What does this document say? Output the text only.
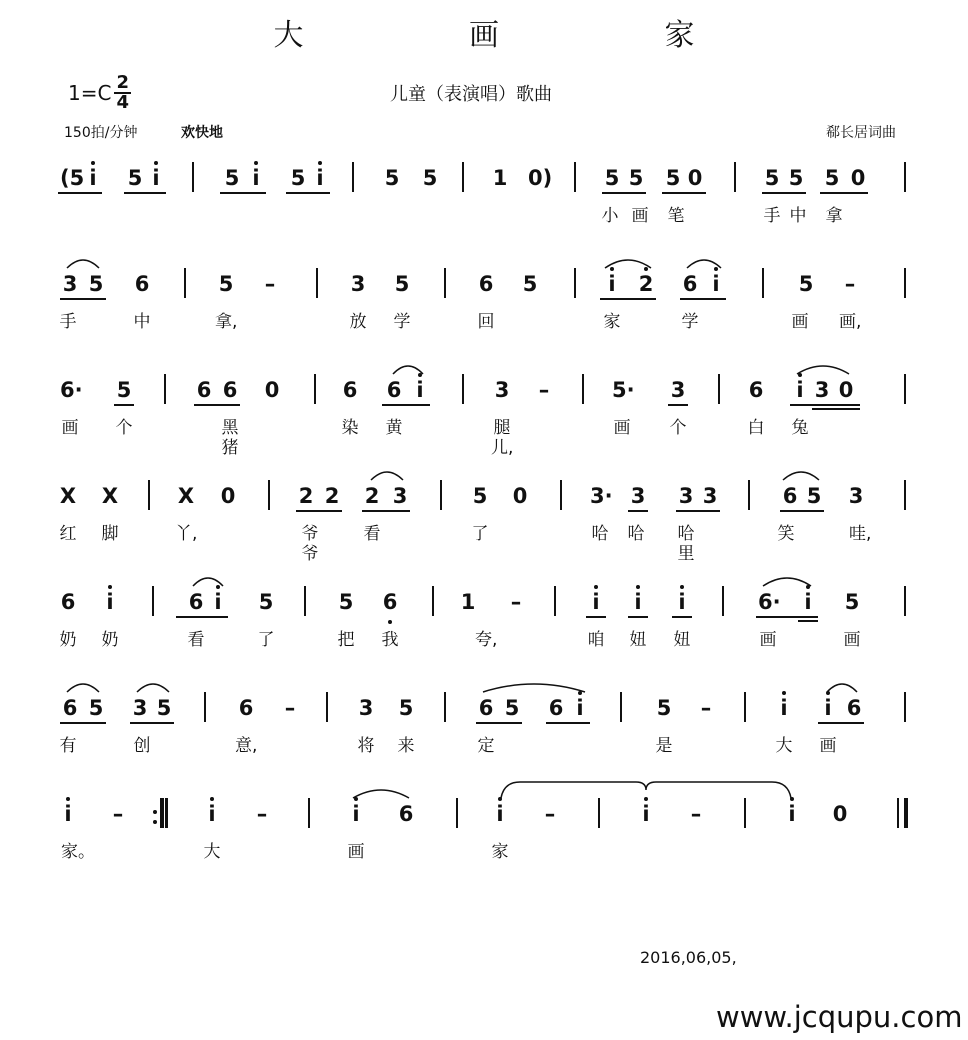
大 画 家
$1=C \frac{2}{4}$	儿童（表演唱）歌曲
150拍/分钟	欢快地	郗长居词曲
(5 i	5 i	5 i	5 i	5 5	1 0) 5 5 5 0	5 5 5 0
小 画 笔	手 中 拿
3 5 6	5 –	3 5	6 5	i	2 6 i	5 –
手	中	拿,	放 学	回	家	学	画 画,
6· 5	6 6 0	6 6 i	3 –	5· 3	6	i 3 0
画 个	黑猪
染 黄	腿儿,
画 个	白 兔
X X	X 0	2 2 2 3	5 0	3· 3 3 3	6 5 3
红 脚	丫,	爷爷
看	了	哈 哈 哈里
笑	哇,
6	i	6 i	5	5 6	1 –	i	i	i	6·	i	5
奶 奶	看	了	把 我	夸,	咱 妞 妞	画	画
6 5 3 5	6 –	3 5	6 5 6 i	5 –	i	i 6
有	创	意,	将 来	定	是	大 画
i	–	i	–	i	6	i	–	i	–	i	0
家。	大	画	家
2016,06,05,
www.jcqupu.com
